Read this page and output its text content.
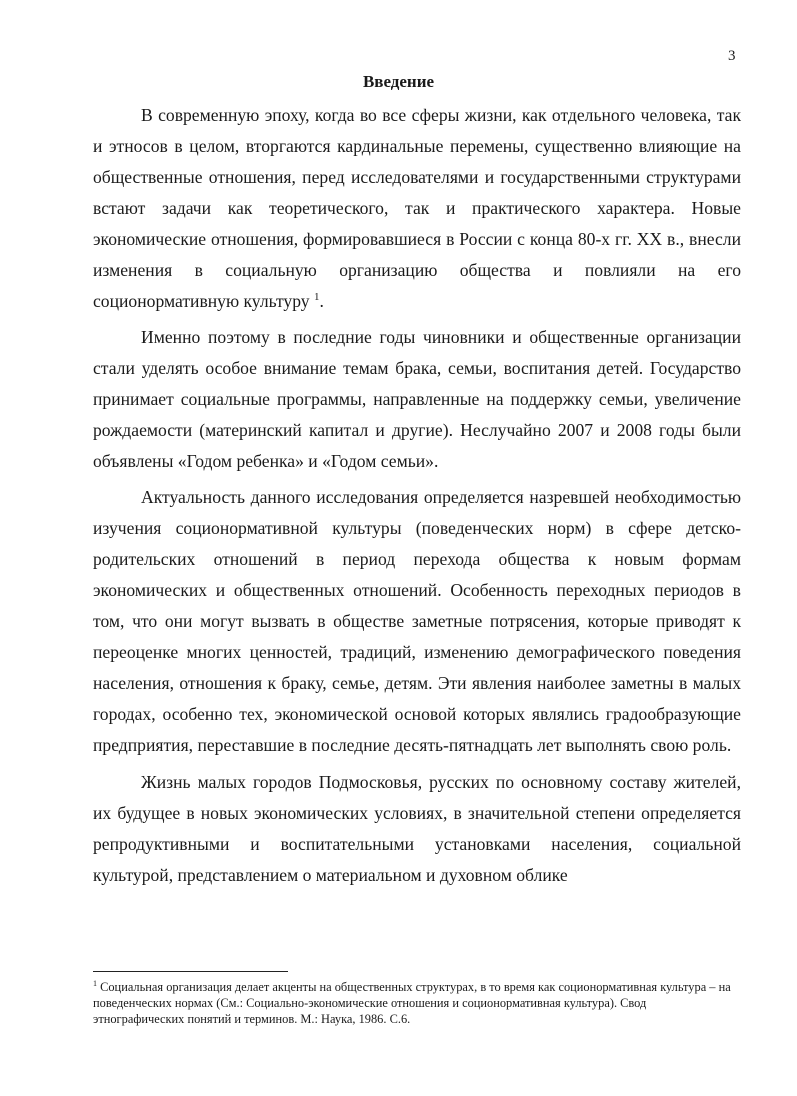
3
Введение

В современную эпоху, когда во все сферы жизни, как отдельного человека, так и этносов в целом, вторгаются кардинальные перемены, существенно влияющие на общественные отношения, перед исследователями и государственными структурами встают задачи как теоретического, так и практического характера. Новые экономические отношения, формировавшиеся в России с конца 80-х гг. XX в., внесли изменения в социальную организацию общества и повлияли на его соционормативную культуру $^1$.

Именно поэтому в последние годы чиновники и общественные организации стали уделять особое внимание темам брака, семьи, воспитания детей. Государство принимает социальные программы, направленные на поддержку семьи, увеличение рождаемости (материнский капитал и другие). Неслучайно 2007 и 2008 годы были объявлены «Годом ребенка» и «Годом семьи».

Актуальность данного исследования определяется назревшей необходимостью изучения соционормативной культуры (поведенческих норм) в сфере детско-родительских отношений в период перехода общества к новым формам экономических и общественных отношений. Особенность переходных периодов в том, что они могут вызвать в обществе заметные потрясения, которые приводят к переоценке многих ценностей, традиций, изменению демографического поведения населения, отношения к браку, семье, детям. Эти явления наиболее заметны в малых городах, особенно тех, экономической основой которых являлись градообразующие предприятия, переставшие в последние десять-пятнадцать лет выполнять свою роль.

Жизнь малых городов Подмосковья, русских по основному составу жителей, их будущее в новых экономических условиях, в значительной степени определяется репродуктивными и воспитательными установками населения, социальной культурой, представлением о материальном и духовном облике

$^1$ Социальная организация делает акценты на общественных структурах, в то время как соционормативная культура – на поведенческих нормах (См.: Социально-экономические отношения и соционормативная культура). Свод этнографических понятий и терминов. М.: Наука, 1986. С.6.
